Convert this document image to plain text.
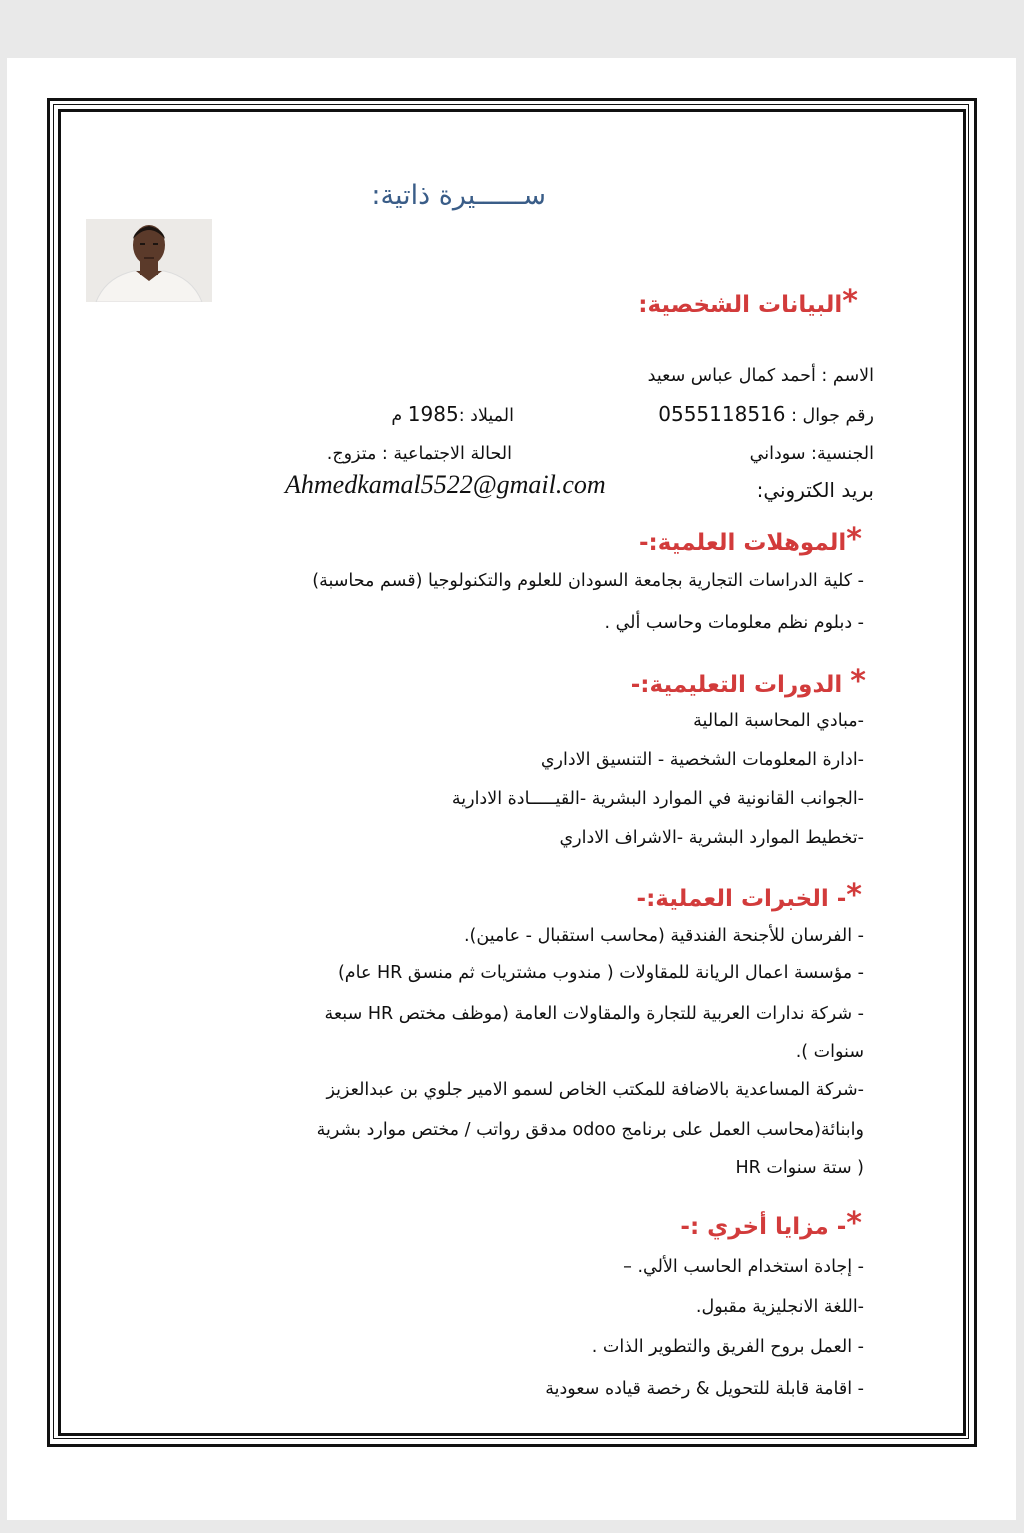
ســــــيرة ذاتية:
*البيانات الشخصية:
الاسم : أحمد كمال عباس سعيد
رقم جوال : 0555118516
الميلاد :1985 م
الجنسية: سوداني
الحالة الاجتماعية : متزوج.
بريد الكتروني:
Ahmedkamal5522@gmail.com
*الموهلات العلمية:-
- كلية الدراسات التجارية بجامعة السودان للعلوم والتكنولوجيا (قسم محاسبة)
- دبلوم نظم معلومات وحاسب ألي .
* الدورات التعليمية:-
-مبادي المحاسبة المالية
-ادارة المعلومات الشخصية - التنسيق الاداري
-الجوانب القانونية في الموارد البشرية -القيـــــادة الادارية
-تخطيط الموارد البشرية -الاشراف الاداري
*- الخبرات العملية:-
- الفرسان للأجنحة الفندقية (محاسب استقبال - عامين).
- مؤسسة اعمال الريانة للمقاولات ( مندوب مشتريات ثم منسق HR عام)
- شركة ندارات العربية للتجارة والمقاولات العامة (موظف مختص HR سبعة
سنوات ).
-شركة المساعدية بالاضافة للمكتب الخاص لسمو الامير جلوي بن عبدالعزيز
وابنائة(محاسب العمل على برنامج odoo مدقق رواتب / مختص موارد بشرية
HR ستة سنوات )
*- مزايا أخري :-
- إجادة استخدام الحاسب الألي. –
-اللغة الانجليزية مقبول.
- العمل بروح الفريق والتطوير الذات .
- اقامة قابلة للتحويل & رخصة قياده سعودية
